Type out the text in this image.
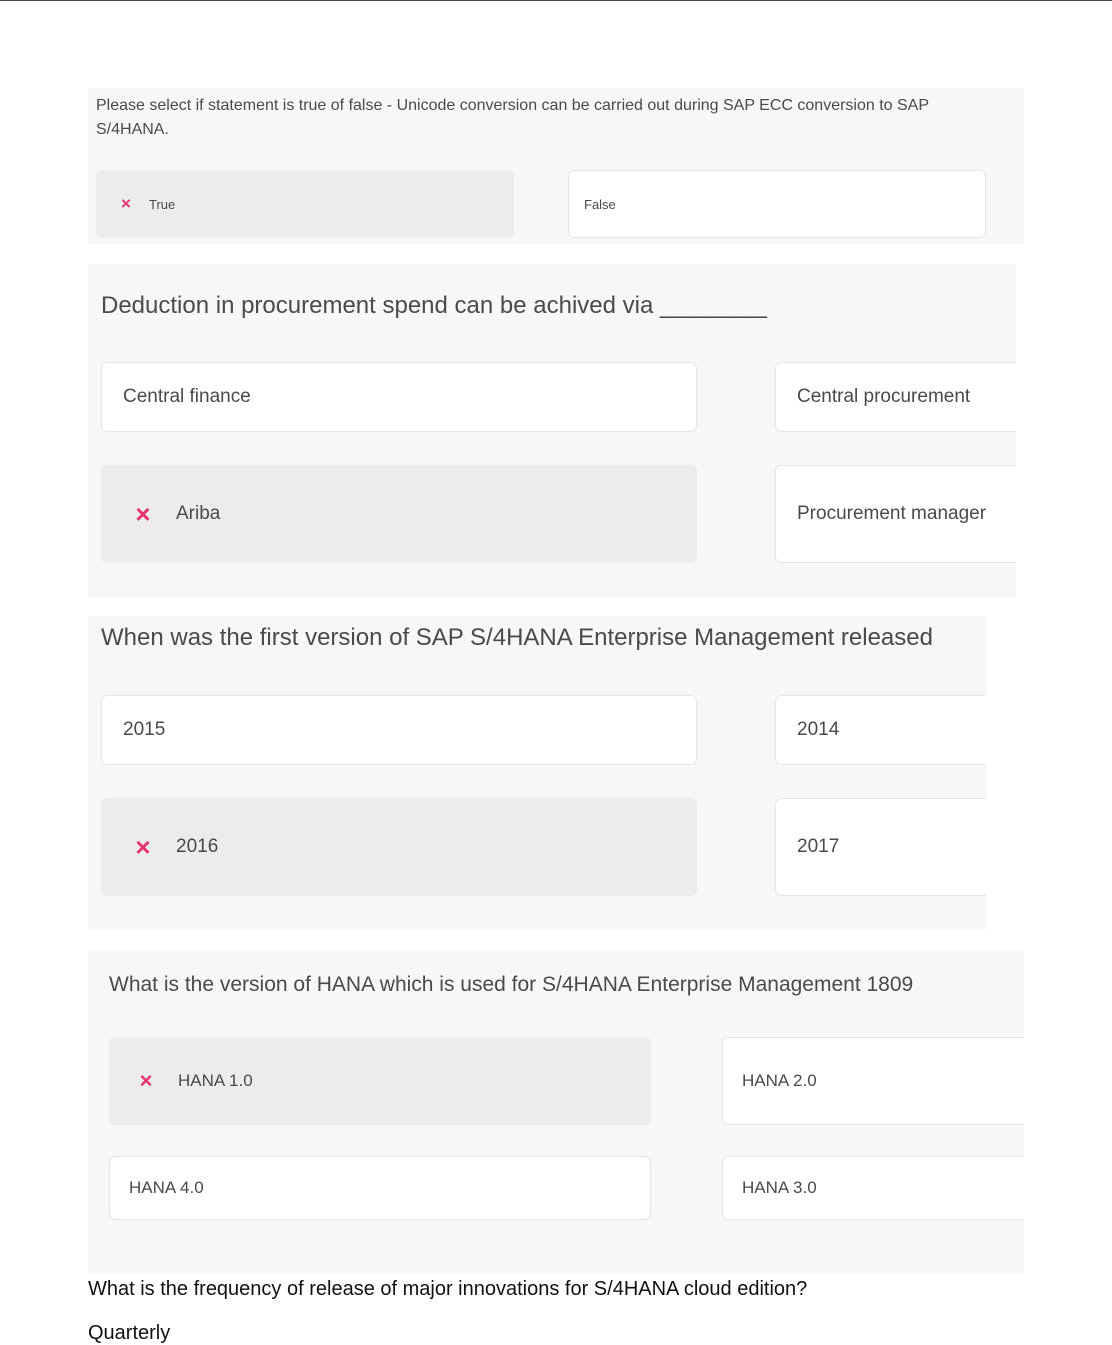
Please select if statement is true of false - Unicode conversion can be carried out during SAP ECC conversion to SAP S/4HANA.

× True	False

Deduction in procurement spend can be achived via ________

Central finance	Central procurement
× Ariba	Procurement manager

When was the first version of SAP S/4HANA Enterprise Management released

2015	2014
× 2016	2017

What is the version of HANA which is used for S/4HANA Enterprise Management 1809

× HANA 1.0	HANA 2.0
HANA 4.0	HANA 3.0

What is the frequency of release of major innovations for S/4HANA cloud edition?

Quarterly
